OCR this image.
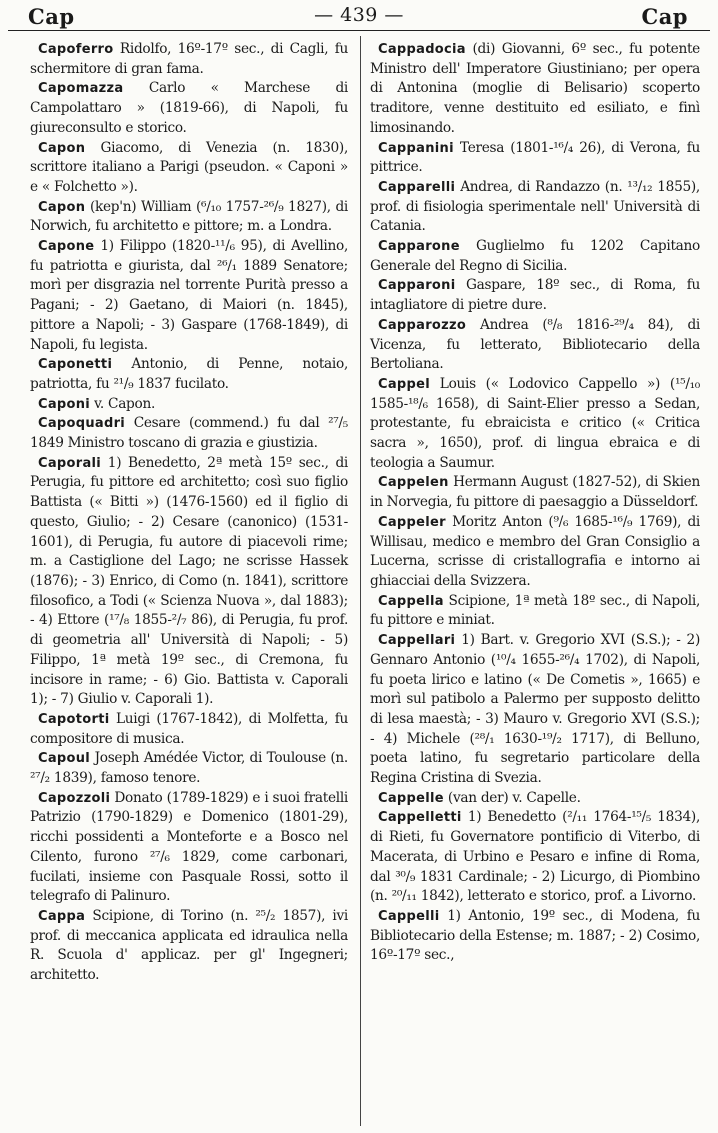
Cap	— 439 —	Cap

Capoferro Ridolfo, 16º-17º sec., di Cagli, fu schermitore di gran fama.

Capomazza Carlo « Marchese di Campolattaro » (1819-66), di Napoli, fu giureconsulto e storico.

Capon Giacomo, di Venezia (n. 1830), scrittore italiano a Parigi (pseudon. « Caponi » e « Folchetto »).

Capon (kep'n) William (⁶/₁₀ 1757-²⁶/₉ 1827), di Norwich, fu architetto e pittore; m. a Londra.

Capone 1) Filippo (1820-¹¹/₆ 95), di Avellino, fu patriotta e giurista, dal ²⁶/₁ 1889 Senatore; morì per disgrazia nel torrente Purità presso a Pagani; - 2) Gaetano, di Maiori (n. 1845), pittore a Napoli; - 3) Gaspare (1768-1849), di Napoli, fu legista.

Caponetti Antonio, di Penne, notaio, patriotta, fu ²¹/₉ 1837 fucilato.

Caponi v. Capon.

Capoquadri Cesare (commend.) fu dal ²⁷/₅ 1849 Ministro toscano di grazia e giustizia.

Caporali 1) Benedetto, 2ª metà 15º sec., di Perugia, fu pittore ed architetto; così suo figlio Battista (« Bitti ») (1476-1560) ed il figlio di questo, Giulio; - 2) Cesare (canonico) (1531-1601), di Perugia, fu autore di piacevoli rime; m. a Castiglione del Lago; ne scrisse Hassek (1876); - 3) Enrico, di Como (n. 1841), scrittore filosofico, a Todi (« Scienza Nuova », dal 1883); - 4) Ettore (¹⁷/₈ 1855-²/₇ 86), di Perugia, fu prof. di geometria all' Università di Napoli; - 5) Filippo, 1ª metà 19º sec., di Cremona, fu incisore in rame; - 6) Gio. Battista v. Caporali 1); - 7) Giulio v. Caporali 1).

Capotorti Luigi (1767-1842), di Molfetta, fu compositore di musica.

Capoul Joseph Amédée Victor, di Toulouse (n. ²⁷/₂ 1839), famoso tenore.

Capozzoli Donato (1789-1829) e i suoi fratelli Patrizio (1790-1829) e Domenico (1801-29), ricchi possidenti a Monteforte e a Bosco nel Cilento, furono ²⁷/₆ 1829, come carbonari, fucilati, insieme con Pasquale Rossi, sotto il telegrafo di Palinuro.

Cappa Scipione, di Torino (n. ²⁵/₂ 1857), ivi prof. di meccanica applicata ed idraulica nella R. Scuola d' applicaz. per gl' Ingegneri; architetto.

Cappadocia (di) Giovanni, 6º sec., fu potente Ministro dell' Imperatore Giustiniano; per opera di Antonina (moglie di Belisario) scoperto traditore, venne destituito ed esiliato, e finì limosinando.

Cappanini Teresa (1801-¹⁶/₄ 26), di Verona, fu pittrice.

Capparelli Andrea, di Randazzo (n. ¹³/₁₂ 1855), prof. di fisiologia sperimentale nell' Università di Catania.

Capparone Guglielmo fu 1202 Capitano Generale del Regno di Sicilia.

Capparoni Gaspare, 18º sec., di Roma, fu intagliatore di pietre dure.

Capparozzo Andrea (⁸/₈ 1816-²⁹/₄ 84), di Vicenza, fu letterato, Bibliotecario della Bertoliana.

Cappel Louis (« Lodovico Cappello ») (¹⁵/₁₀ 1585-¹⁸/₆ 1658), di Saint-Elier presso a Sedan, protestante, fu ebraicista e critico (« Critica sacra », 1650), prof. di lingua ebraica e di teologia a Saumur.

Cappelen Hermann August (1827-52), di Skien in Norvegia, fu pittore di paesaggio a Düsseldorf.

Cappeler Moritz Anton (⁹/₆ 1685-¹⁶/₉ 1769), di Willisau, medico e membro del Gran Consiglio a Lucerna, scrisse di cristallografia e intorno ai ghiacciai della Svizzera.

Cappella Scipione, 1ª metà 18º sec., di Napoli, fu pittore e miniat.

Cappellari 1) Bart. v. Gregorio XVI (S.S.); - 2) Gennaro Antonio (¹⁰/₄ 1655-²⁶/₄ 1702), di Napoli, fu poeta lirico e latino (« De Cometis », 1665) e morì sul patibolo a Palermo per supposto delitto di lesa maestà; - 3) Mauro v. Gregorio XVI (S.S.); - 4) Michele (²⁸/₁ 1630-¹⁹/₂ 1717), di Belluno, poeta latino, fu segretario particolare della Regina Cristina di Svezia.

Cappelle (van der) v. Capelle.

Cappelletti 1) Benedetto (²/₁₁ 1764-¹⁵/₅ 1834), di Rieti, fu Governatore pontificio di Viterbo, di Macerata, di Urbino e Pesaro e infine di Roma, dal ³⁰/₉ 1831 Cardinale; - 2) Licurgo, di Piombino (n. ²⁰/₁₁ 1842), letterato e storico, prof. a Livorno.

Cappelli 1) Antonio, 19º sec., di Modena, fu Bibliotecario della Estense; m. 1887; - 2) Cosimo, 16º-17º sec.,
